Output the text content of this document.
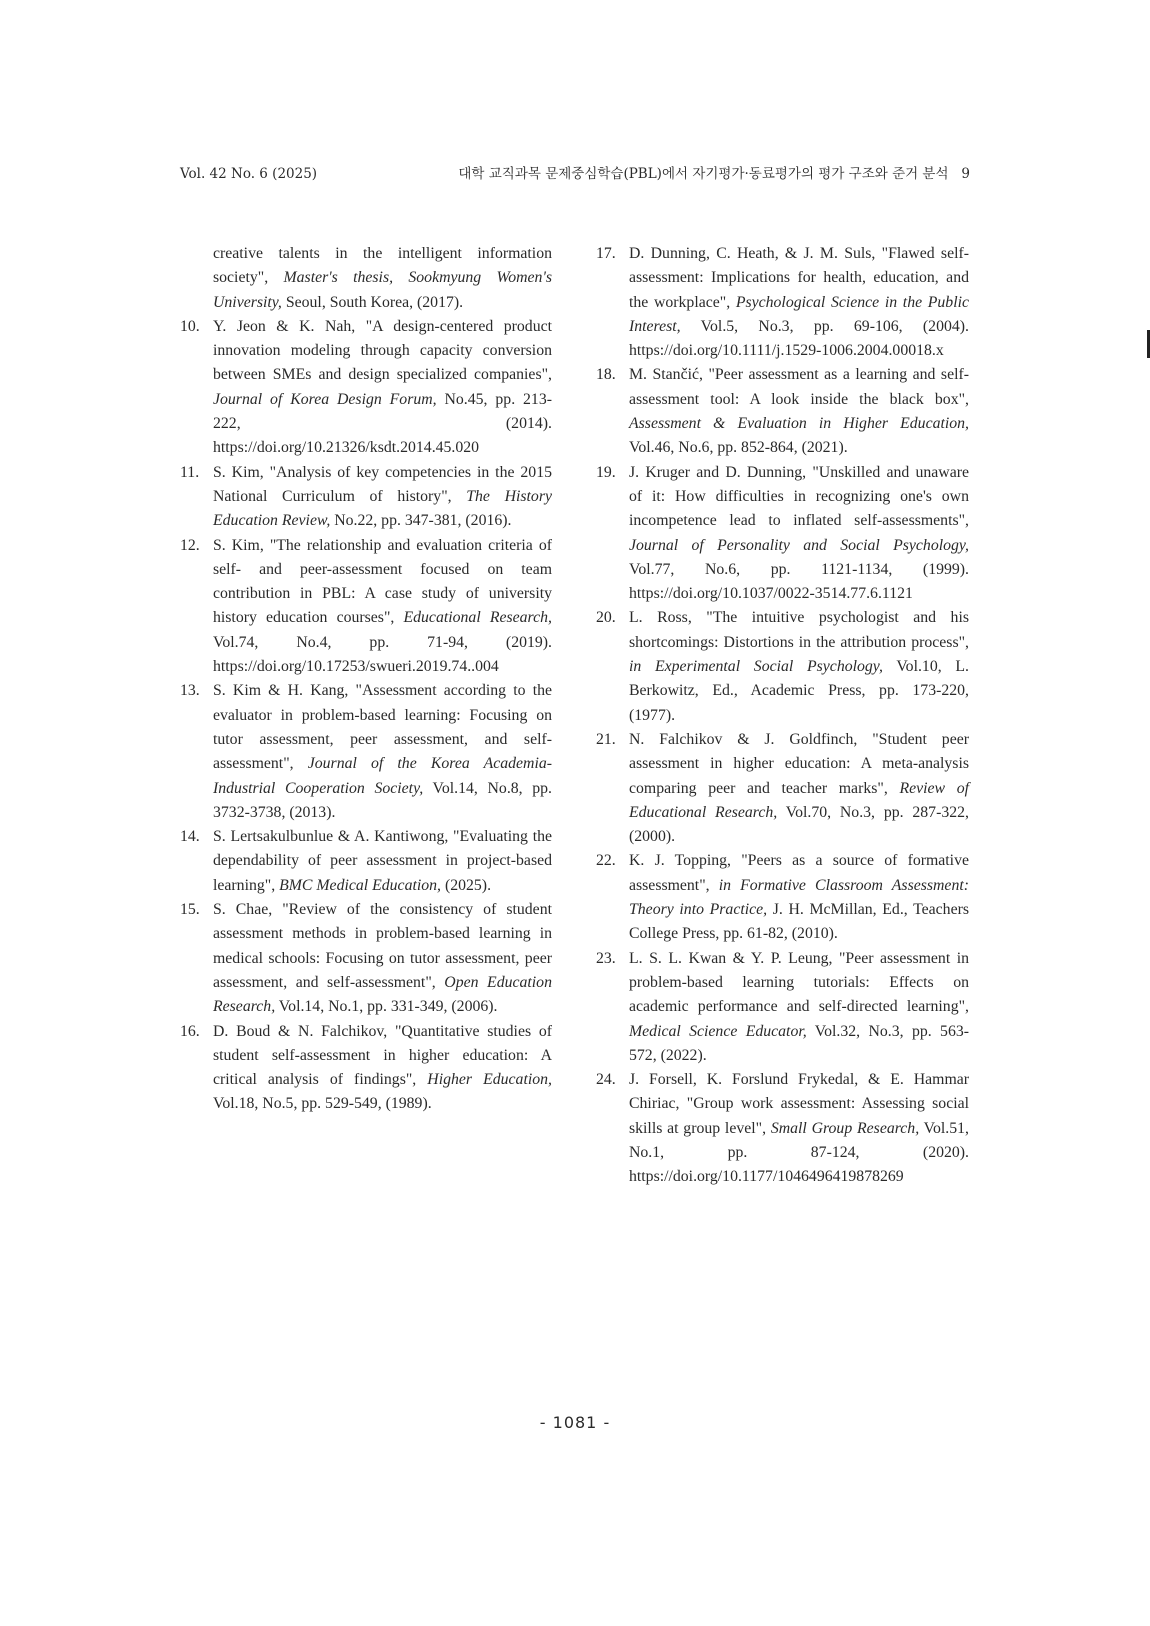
Vol. 42 No. 6 (2025)	대학 교직과목 문제중심학습(PBL)에서 자기평가·동료평가의 평가 구조와 준거 분석 9
creative talents in the intelligent information society", Master's thesis, Sookmyung Women's University, Seoul, South Korea, (2017).
10. Y. Jeon & K. Nah, "A design-centered product innovation modeling through capacity conversion between SMEs and design specialized companies", Journal of Korea Design Forum, No.45, pp. 213-222, (2014). https://doi.org/10.21326/ksdt.2014.45.020
11. S. Kim, "Analysis of key competencies in the 2015 National Curriculum of history", The History Education Review, No.22, pp. 347-381, (2016).
12. S. Kim, "The relationship and evaluation criteria of self- and peer-assessment focused on team contribution in PBL: A case study of university history education courses", Educational Research, Vol.74, No.4, pp. 71-94, (2019). https://doi.org/10.17253/swueri.2019.74..004
13. S. Kim & H. Kang, "Assessment according to the evaluator in problem-based learning: Focusing on tutor assessment, peer assessment, and self-assessment", Journal of the Korea Academia-Industrial Cooperation Society, Vol.14, No.8, pp. 3732-3738, (2013).
14. S. Lertsakulbunlue & A. Kantiwong, "Evaluating the dependability of peer assessment in project-based learning", BMC Medical Education, (2025).
15. S. Chae, "Review of the consistency of student assessment methods in problem-based learning in medical schools: Focusing on tutor assessment, peer assessment, and self-assessment", Open Education Research, Vol.14, No.1, pp. 331-349, (2006).
16. D. Boud & N. Falchikov, "Quantitative studies of student self-assessment in higher education: A critical analysis of findings", Higher Education, Vol.18, No.5, pp. 529-549, (1989).
17. D. Dunning, C. Heath, & J. M. Suls, "Flawed self-assessment: Implications for health, education, and the workplace", Psychological Science in the Public Interest, Vol.5, No.3, pp. 69-106, (2004). https://doi.org/10.1111/j.1529-1006.2004.00018.x
18. M. Stančić, "Peer assessment as a learning and self-assessment tool: A look inside the black box", Assessment & Evaluation in Higher Education, Vol.46, No.6, pp. 852-864, (2021).
19. J. Kruger and D. Dunning, "Unskilled and unaware of it: How difficulties in recognizing one's own incompetence lead to inflated self-assessments", Journal of Personality and Social Psychology, Vol.77, No.6, pp. 1121-1134, (1999). https://doi.org/10.1037/0022-3514.77.6.1121
20. L. Ross, "The intuitive psychologist and his shortcomings: Distortions in the attribution process", in Experimental Social Psychology, Vol.10, L. Berkowitz, Ed., Academic Press, pp. 173-220, (1977).
21. N. Falchikov & J. Goldfinch, "Student peer assessment in higher education: A meta-analysis comparing peer and teacher marks", Review of Educational Research, Vol.70, No.3, pp. 287-322, (2000).
22. K. J. Topping, "Peers as a source of formative assessment", in Formative Classroom Assessment: Theory into Practice, J. H. McMillan, Ed., Teachers College Press, pp. 61-82, (2010).
23. L. S. L. Kwan & Y. P. Leung, "Peer assessment in problem-based learning tutorials: Effects on academic performance and self-directed learning", Medical Science Educator, Vol.32, No.3, pp. 563-572, (2022).
24. J. Forsell, K. Forslund Frykedal, & E. Hammar Chiriac, "Group work assessment: Assessing social skills at group level", Small Group Research, Vol.51, No.1, pp. 87-124, (2020). https://doi.org/10.1177/1046496419878269
- 1081 -
